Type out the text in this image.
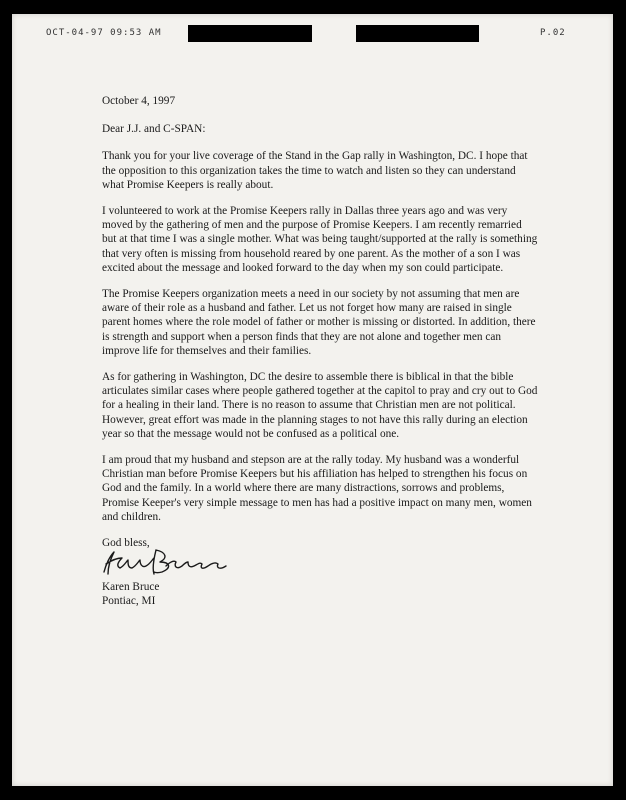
OCT-04-97 09:53 AM	P.02

October 4, 1997

Dear J.J. and C-SPAN:

Thank you for your live coverage of the Stand in the Gap rally in Washington, DC. I hope that the opposition to this organization takes the time to watch and listen so they can understand what Promise Keepers is really about.

I volunteered to work at the Promise Keepers rally in Dallas three years ago and was very moved by the gathering of men and the purpose of Promise Keepers. I am recently remarried but at that time I was a single mother. What was being taught/supported at the rally is something that very often is missing from household reared by one parent. As the mother of a son I was excited about the message and looked forward to the day when my son could participate.

The Promise Keepers organization meets a need in our society by not assuming that men are aware of their role as a husband and father. Let us not forget how many are raised in single parent homes where the role model of father or mother is missing or distorted. In addition, there is strength and support when a person finds that they are not alone and together men can improve life for themselves and their families.

As for gathering in Washington, DC the desire to assemble there is biblical in that the bible articulates similar cases where people gathered together at the capitol to pray and cry out to God for a healing in their land. There is no reason to assume that Christian men are not political. However, great effort was made in the planning stages to not have this rally during an election year so that the message would not be confused as a political one.

I am proud that my husband and stepson are at the rally today. My husband was a wonderful Christian man before Promise Keepers but his affiliation has helped to strengthen his focus on God and the family. In a world where there are many distractions, sorrows and problems, Promise Keeper's very simple message to men has had a positive impact on many men, women and children.

God bless,

Karen Bruce

Pontiac, MI
